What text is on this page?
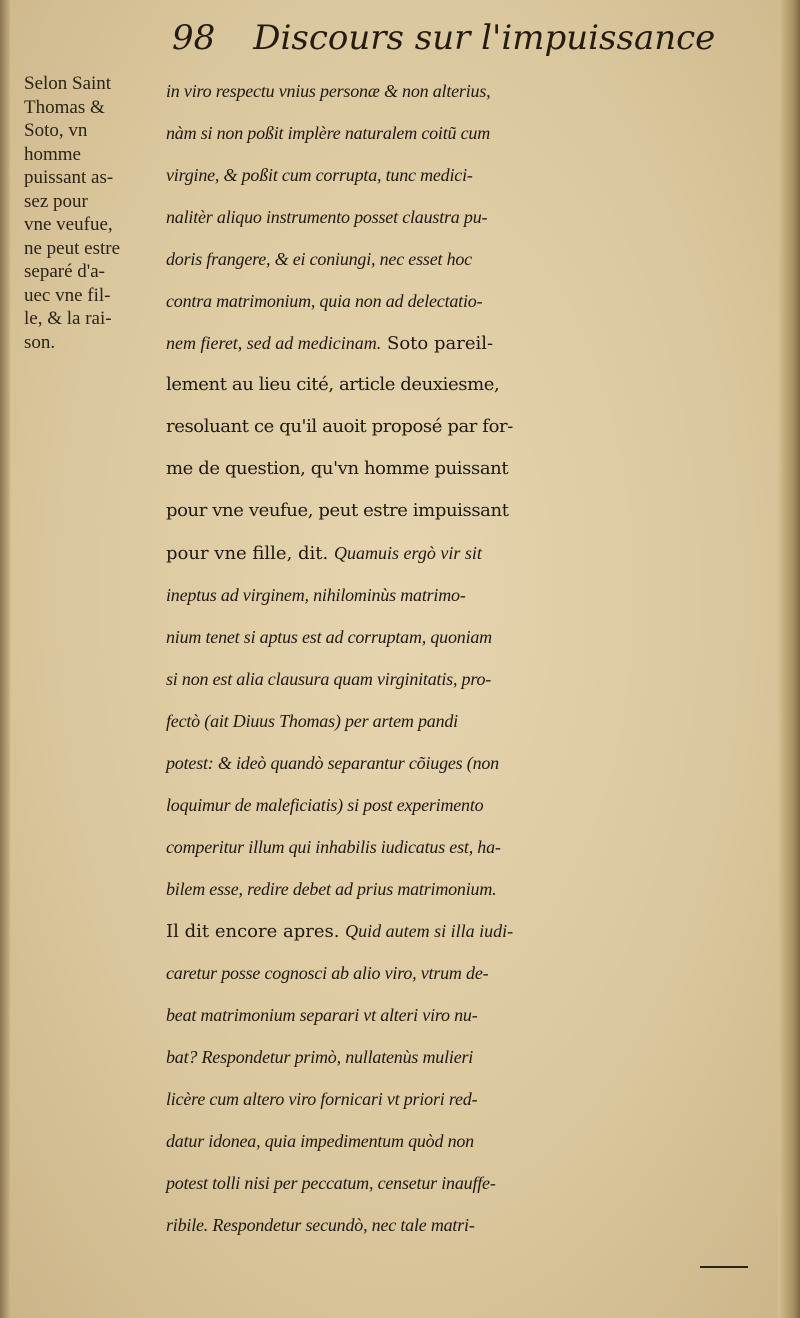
98 Discours sur l'impuissance
Selon Saint
Thomas &
Soto, vn
homme
puissant as-
sez pour
vne veufue,
ne peut estre
separé d'a-
uec vne fil-
le, & la rai-
son.
in viro respectu vnius personæ & non alterius,
nàm si non poßit implère naturalem coitũ cum
virgine, & poßit cum corrupta, tunc medici-
nalitèr aliquo instrumento posset claustra pu-
doris frangere, & ei coniungi, nec esset hoc
contra matrimonium, quia non ad delectatio-
nem fieret, sed ad medicinam. Soto pareil-
lement au lieu cité, article deuxiesme,
resoluant ce qu'il auoit proposé par for-
me de question, qu'vn homme puissant
pour vne veufue, peut estre impuissant
pour vne fille, dit. Quamuis ergò vir sit
ineptus ad virginem, nihilominùs matrimo-
nium tenet si aptus est ad corruptam, quoniam
si non est alia clausura quam virginitatis, pro-
fectò (ait Diuus Thomas) per artem pandi
potest: & ideò quandò separantur cõiuges (non
loquimur de maleficiatis) si post experimento
comperitur illum qui inhabilis iudicatus est, ha-
bilem esse, redire debet ad prius matrimonium.
Il dit encore apres. Quid autem si illa iudi-
caretur posse cognosci ab alio viro, vtrum de-
beat matrimonium separari vt alteri viro nu-
bat? Respondetur primò, nullatenùs mulieri
licère cum altero viro fornicari vt priori red-
datur idonea, quia impedimentum quòd non
potest tolli nisi per peccatum, censetur inauffe-
ribile. Respondetur secundò, nec tale matri-
